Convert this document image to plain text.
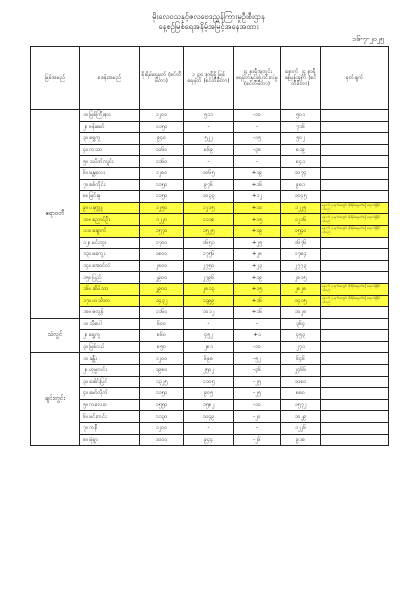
မိုးလေဝသနှင့်ဇလဗေဒညွှန်ကြားမှုဦးစီးဌာန
နေ့စဉ်မြစ်ရေအနိမ့်အမြင့်အနေအထား
၁၆-၇-၂၀၂၅
မြစ်အမည်	စခန်းအမည်	စိုးရိမ်ရေမှတ် (စင်တီမီတာ)	၁၂၃၀ နာရီရှိ မြစ်ရေမှတ် (စင်တီမီတာ)	၂၄ နာရီအတွင်း ရေမှတ်နှင့်ပြောင်းလဲမှု (စင်တီမီတာ)	နောက် ၂၄ နာရီ ခန့်မှန်းချက် (စင်တီမီတာ)	မှတ်ချက်
ဧရာဝတီ	၁။ မြစ်ကြီးနား	၁၂၀၀	၅၁၁	-၁၀	၅၀၁	
	၂။ ဗန်းမော်	၁၁၅၀	-	-	၇၁၆	
	၃။ ရွှေကူ	၉၄၀	၅၂၂	-၁၅	၅၀၂	
	၄။ ကသာ	၁၀၆၀	၈၆၉	-၃၈	၈၁၉	
	၅။ သပိတ်ကျင်း	၁၁၆၀	-	-	၈၄၁	
	၆။ မန္တလေး	၁၂၈၀	၁၀၆၅	+၁၉	၁၀၇၄	
	၇။ စစ်ကိုင်း	၁၁၅၀	၉၇၆	+၁၆	၉၈၁	
	၈။ မြင်းမူ	၁၁၅၀	၁၀၃၃	+၁၂	၁၀၄၅	
	၉။ ပခုက္ကူ	၁၂၅၀	၁၂၁၅	+၁၀	၁၂၂၅	နောက် ၃ ရက်အတွင်း စိုးရိမ်ရေမှတ်သို့ ရောက်ရှိနိုင်ပါသည်
	၁၀။ ညောင်ဦး	၁၂၂၀	၁၁၁၈	+၁၅	၁၂၁၆	နောက် ၃ ရက်အတွင်း စိုးရိမ်ရေမှတ်သို့ ရောက်ရှိနိုင်ပါသည်
	၁၁။ ချောက်	၁၅၇၀	၁၅၂၅	+၁၉	၁၅၄၀	နောက် ၃ ရက်အတွင်း စိုးရိမ်ရေမှတ်သို့ ရောက်ရှိနိုင်ပါသည်
	၁၂။ မင်းဘူး	၁၇၀၀	၁၆၅၁	+၂၅	၁၆၇၆	
	၁၃။ မကွေး	၁၈၀၀	၁၇၅၆	+၂၈	၁၇၈၄	
	၁၄။ အောင်လံ	၂၈၀၀	၂၇၅၀	+၂၃	၂၇၇၃	
	၁၅။ ပြည်	၂၉၀၀	၂၇၉၆	+၁၉	၂၈၁၅	
	၁၆။ ဆိပ်သာ	၂၉၀၀	၂၈၁၃	+၁၅	၂၈၂၈	နောက် ၃ ရက်အတွင်း စိုးရိမ်ရေမှတ်သို့ ရောက်ရှိနိုင်ပါသည်
	၁၇။ ဟင်္သာတ	၁၄၃၂	၁၃၉၉	+၁၆	၁၄၁၅	နောက် ၃ ရက်အတွင်း စိုးရိမ်ရေမှတ်သို့ ရောက်ရှိနိုင်ပါသည်
	၁၈။ ဇလွန်	၁၁၆၀	၁၀၁၂	+၁၆	၁၀၂၈	
သံလွင်	၁။ သီပေါ	၆၀၀	-	-	၃၆၄	
	၂။ ရွှေကူ	၈၆၀	၄၅၂	+၁	၄၅၃	
	၃။ မြစ်ငယ်	၈၅၀	၂၈၁	-၁၀	၂၇၁	
ချင်းတွင်း	၁။ ခန္တီး	၁၂၀၀	၆၉၈	-၅၂	၆၄၆	
	၂။ ဟုမ္မလင်း	၁၉၈၀	၂၅၀၂	-၃၆	၂၄၆၆	
	၃။ ခေါင်းပြင်	၁၃၂၅	၁၁၀၅	-၂၅	၁၀၈၀	
	၄။ မော်လိုက်	၁၁၅၀	၉၀၅	-၂၅	၈၈၀	
	၅။ ကလေးဝ	၁၅၅၀	၁၅၈၂	-၁၀	၁၅၇၂	
	၆။ မင်းကင်း	၁၁၃၀	၁၀၄၉	-၂၀	၁၀၂၉	
	၇။ ကနီ	၁၂၀၀	-	-	၁၂၂၆	
	၈။ မုံရွာ	၁၀၀၀	၉၄၄	-၂၆	၉၁၈	
